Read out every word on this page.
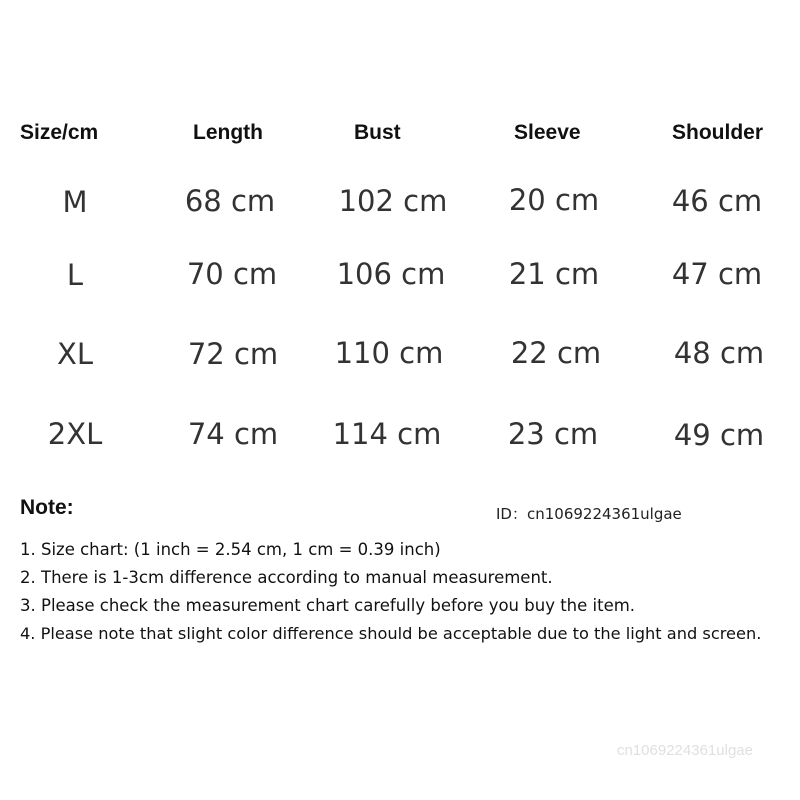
Size/cm	Length	Bust	Sleeve	Shoulder
M	68 cm	102 cm	20 cm	46 cm
L	70 cm	106 cm	21 cm	47 cm
XL	72 cm	110 cm	22 cm	48 cm
2XL	74 cm	114 cm	23 cm	49 cm
Note:	ID：cn1069224361ulgae
1. Size chart: (1 inch = 2.54 cm, 1 cm = 0.39 inch)
2. There is 1-3cm difference according to manual measurement.
3. Please check the measurement chart carefully before you buy the item.
4. Please note that slight color difference should be acceptable due to the light and screen.
cn1069224361ulgae
